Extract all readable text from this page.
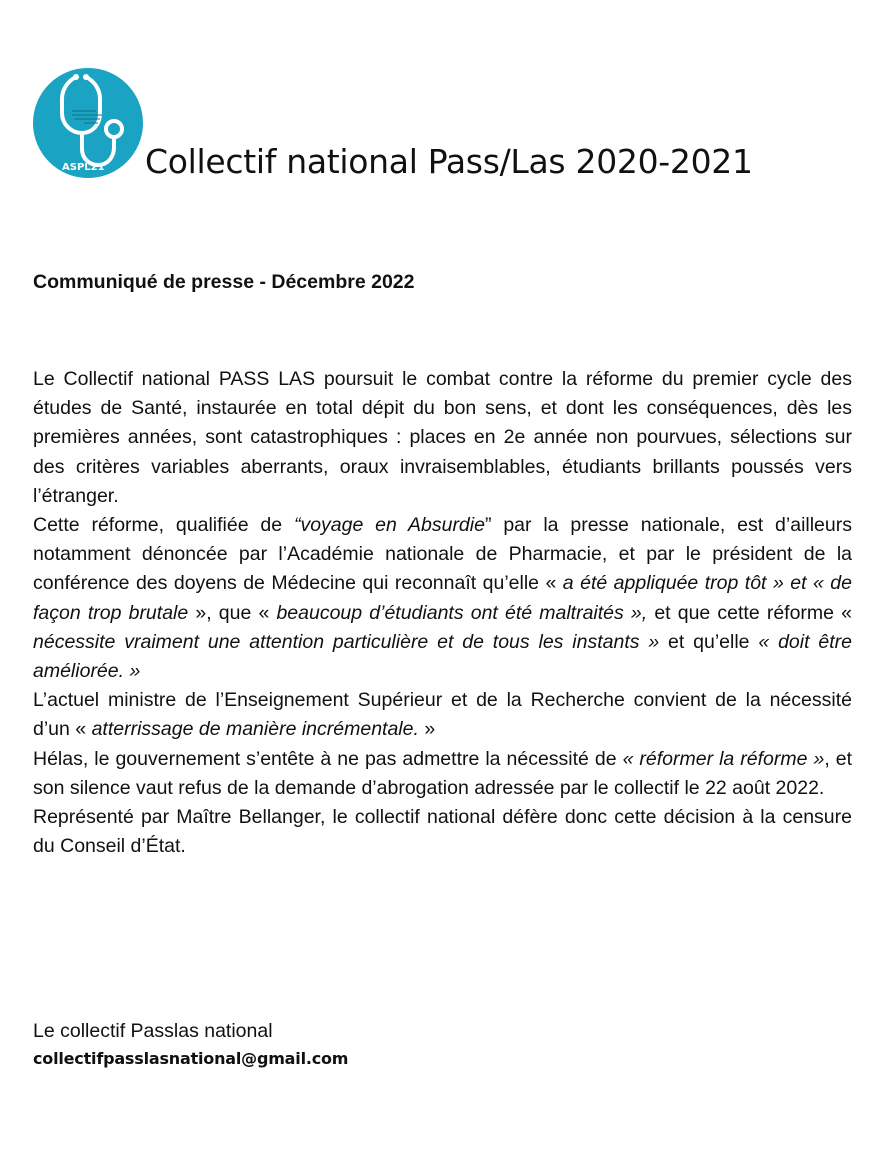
ASPL21 Collectif national Pass/Las 2020-2021
Communiqué de presse - Décembre 2022

Le Collectif national PASS LAS poursuit le combat contre la réforme du premier cycle des études de Santé, instaurée en total dépit du bon sens, et dont les conséquences, dès les premières années, sont catastrophiques : places en 2e année non pourvues, sélections sur des critères variables aberrants, oraux invraisemblables, étudiants brillants poussés vers l’étranger.

Cette réforme, qualifiée de “voyage en Absurdie” par la presse nationale, est d’ailleurs notamment dénoncée par l’Académie nationale de Pharmacie, et par le président de la conférence des doyens de Médecine qui reconnaît qu’elle « a été appliquée trop tôt » et « de façon trop brutale », que « beaucoup d’étudiants ont été maltraités », et que cette réforme « nécessite vraiment une attention particulière et de tous les instants » et qu’elle « doit être améliorée. »

L’actuel ministre de l’Enseignement Supérieur et de la Recherche convient de la nécessité d’un « atterrissage de manière incrémentale. »

Hélas, le gouvernement s’entête à ne pas admettre la nécessité de « réformer la réforme », et son silence vaut refus de la demande d’abrogation adressée par le collectif le 22 août 2022.

Représenté par Maître Bellanger, le collectif national défère donc cette décision à la censure du Conseil d’État.

Le collectif Passlas national
collectifpasslasnational@gmail.com
